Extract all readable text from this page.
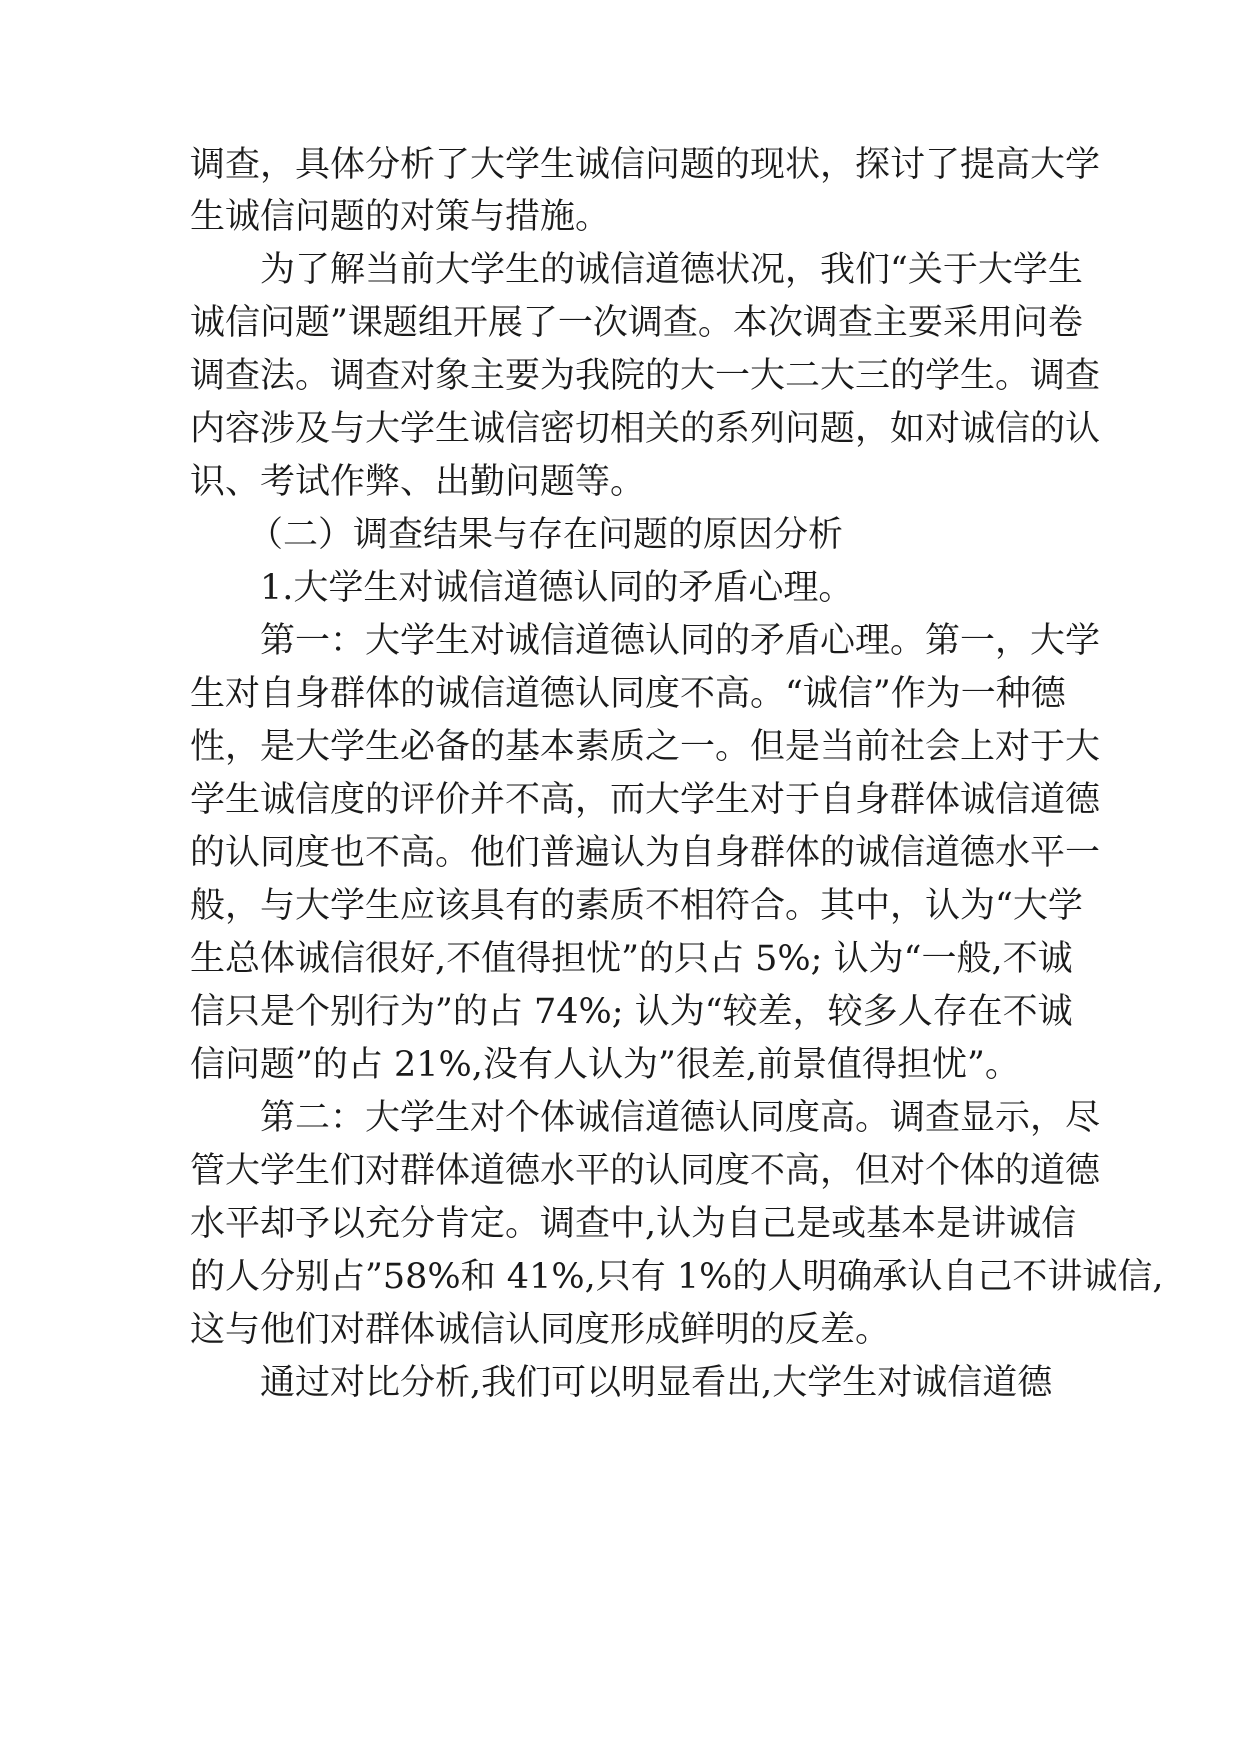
调查，具体分析了大学生诚信问题的现状，探讨了提高大学
生诚信问题的对策与措施。
为了解当前大学生的诚信道德状况，我们“关于大学生
诚信问题”课题组开展了一次调查。本次调查主要采用问卷
调查法。调查对象主要为我院的大一大二大三的学生。调查
内容涉及与大学生诚信密切相关的系列问题，如对诚信的认
识、考试作弊、出勤问题等。
（二）调查结果与存在问题的原因分析
1.大学生对诚信道德认同的矛盾心理。
第一：大学生对诚信道德认同的矛盾心理。第一，大学
生对自身群体的诚信道德认同度不高。“诚信”作为一种德
性，是大学生必备的基本素质之一。但是当前社会上对于大
学生诚信度的评价并不高，而大学生对于自身群体诚信道德
的认同度也不高。他们普遍认为自身群体的诚信道德水平一
般，与大学生应该具有的素质不相符合。其中，认为“大学
生总体诚信很好,不值得担忧”的只占 5%; 认为“一般,不诚
信只是个别行为”的占 74%; 认为“较差，较多人存在不诚
信问题”的占 21%,没有人认为”很差,前景值得担忧”。
第二：大学生对个体诚信道德认同度高。调查显示，尽
管大学生们对群体道德水平的认同度不高，但对个体的道德
水平却予以充分肯定。调查中,认为自己是或基本是讲诚信
的人分别占”58%和 41%,只有 1%的人明确承认自己不讲诚信,
这与他们对群体诚信认同度形成鲜明的反差。
通过对比分析,我们可以明显看出,大学生对诚信道德
